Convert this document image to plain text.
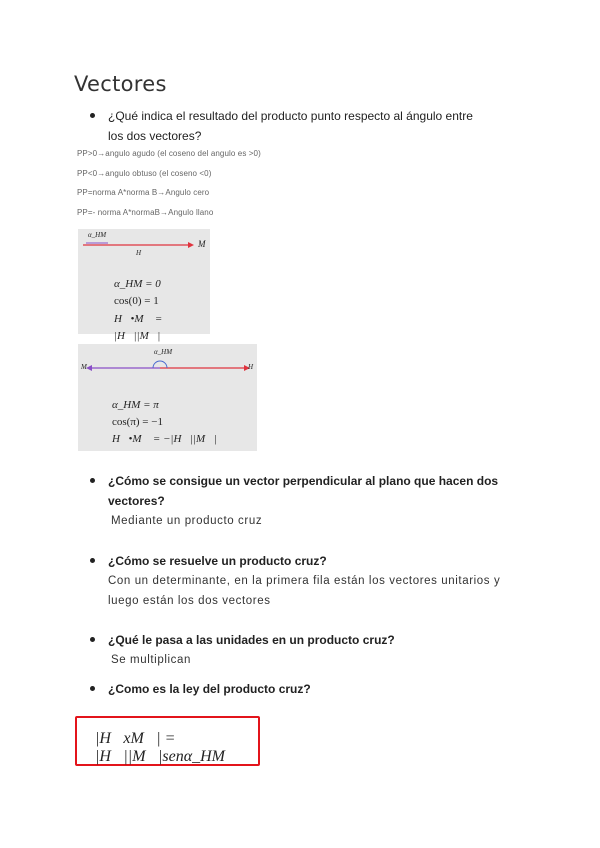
Vectores
¿Qué indica el resultado del producto punto respecto al ángulo entre
los dos vectores?
PP>0→angulo agudo (el coseno del angulo es >0)
PP<0→angulo obtuso (el coseno <0)
PP=norma A*norma B→Angulo cero
PP=- norma A*normaB→Angulo llano
α_HM
M⃗
H⃗
α_HM = 0
cos(0) = 1
H⃗•M⃗ = |H⃗||M⃗|
α_HM
M⃗	H
α_HM = π
cos(π) = −1
H⃗•M⃗ = −|H⃗||M⃗|
¿Cómo se consigue un vector perpendicular al plano que hacen dos
vectores?
Mediante un producto cruz
¿Cómo se resuelve un producto cruz?
Con un determinante, en la primera fila están los vectores unitarios y
luego están los dos vectores
¿Qué le pasa a las unidades en un producto cruz?
Se multiplican
¿Como es la ley del producto cruz?
|H⃗xM⃗| = |H⃗||M⃗|senα_HM
